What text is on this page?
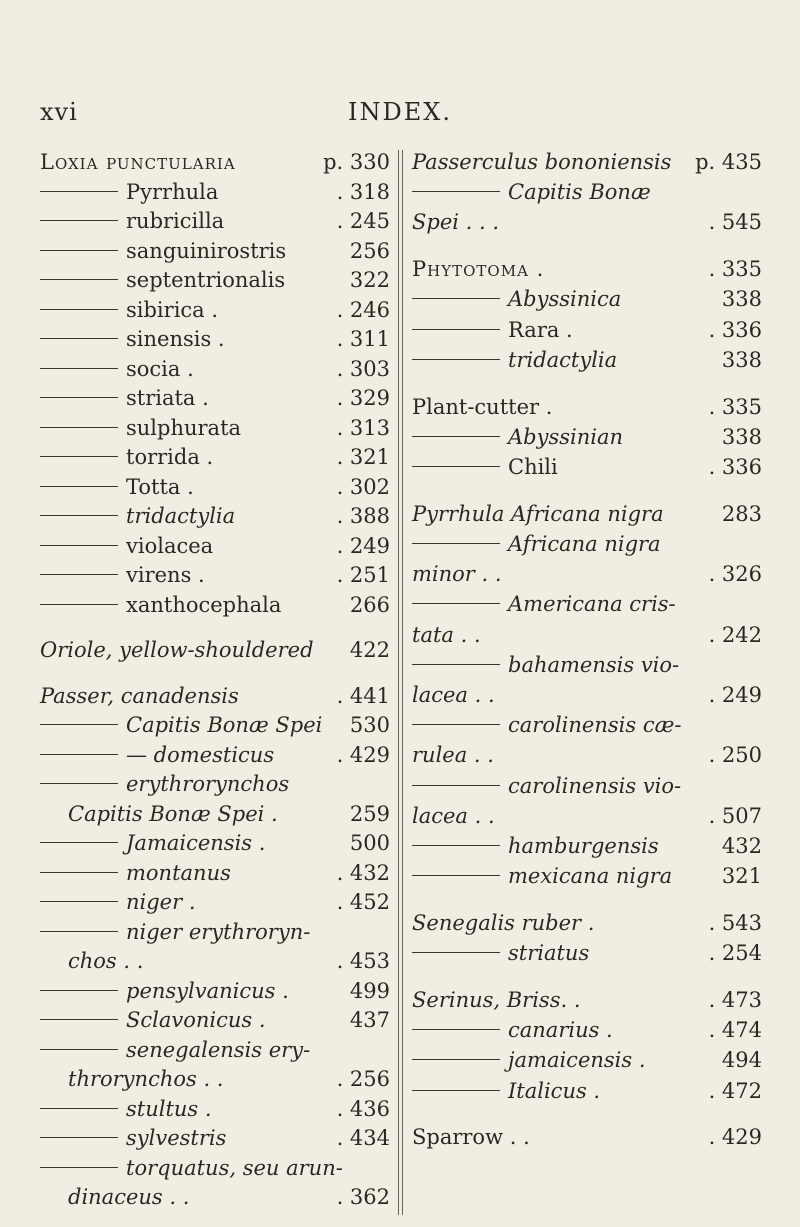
INDEX.
xvi
Loxia punctularia	p. 330
Pyrrhula	. 318
rubricilla	. 245
sanguinirostris	256
septentrionalis	322
sibirica .	. 246
sinensis .	. 311
socia .	. 303
striata .	. 329
sulphurata	. 313
torrida .	. 321
Totta .	. 302
tridactylia	. 388
violacea	. 249
virens .	. 251
xanthocephala	266
Oriole, yellow-shouldered	422
Passer, canadensis	. 441
Capitis Bonæ Spei	530
— domesticus	. 429
erythrorynchos
Capitis Bonæ Spei .	259
Jamaicensis .	500
montanus	. 432
niger .	. 452
niger erythroryn-
chos . .	. 453
pensylvanicus .	499
Sclavonicus .	437
senegalensis ery-
throrynchos . .	. 256
stultus .	. 436
sylvestris	. 434
torquatus, seu arun-
dinaceus . .	. 362
Passerculus bononiensis	p. 435
Capitis Bonæ
Spei . . .	. 545
Phytotoma .	. 335
Abyssinica	338
Rara .	. 336
tridactylia	338
Plant-cutter .	. 335
Abyssinian	338
Chili	. 336
Pyrrhula Africana nigra	283
Africana nigra
minor . .	. 326
Americana cris-
tata . .	. 242
bahamensis vio-
lacea . .	. 249
carolinensis cæ-
rulea . .	. 250
carolinensis vio-
lacea . .	. 507
hamburgensis	432
mexicana nigra	321
Senegalis ruber .	. 543
striatus	. 254
Serinus, Briss. .	. 473
canarius .	. 474
jamaicensis .	494
Italicus .	. 472
Sparrow . .	. 429
